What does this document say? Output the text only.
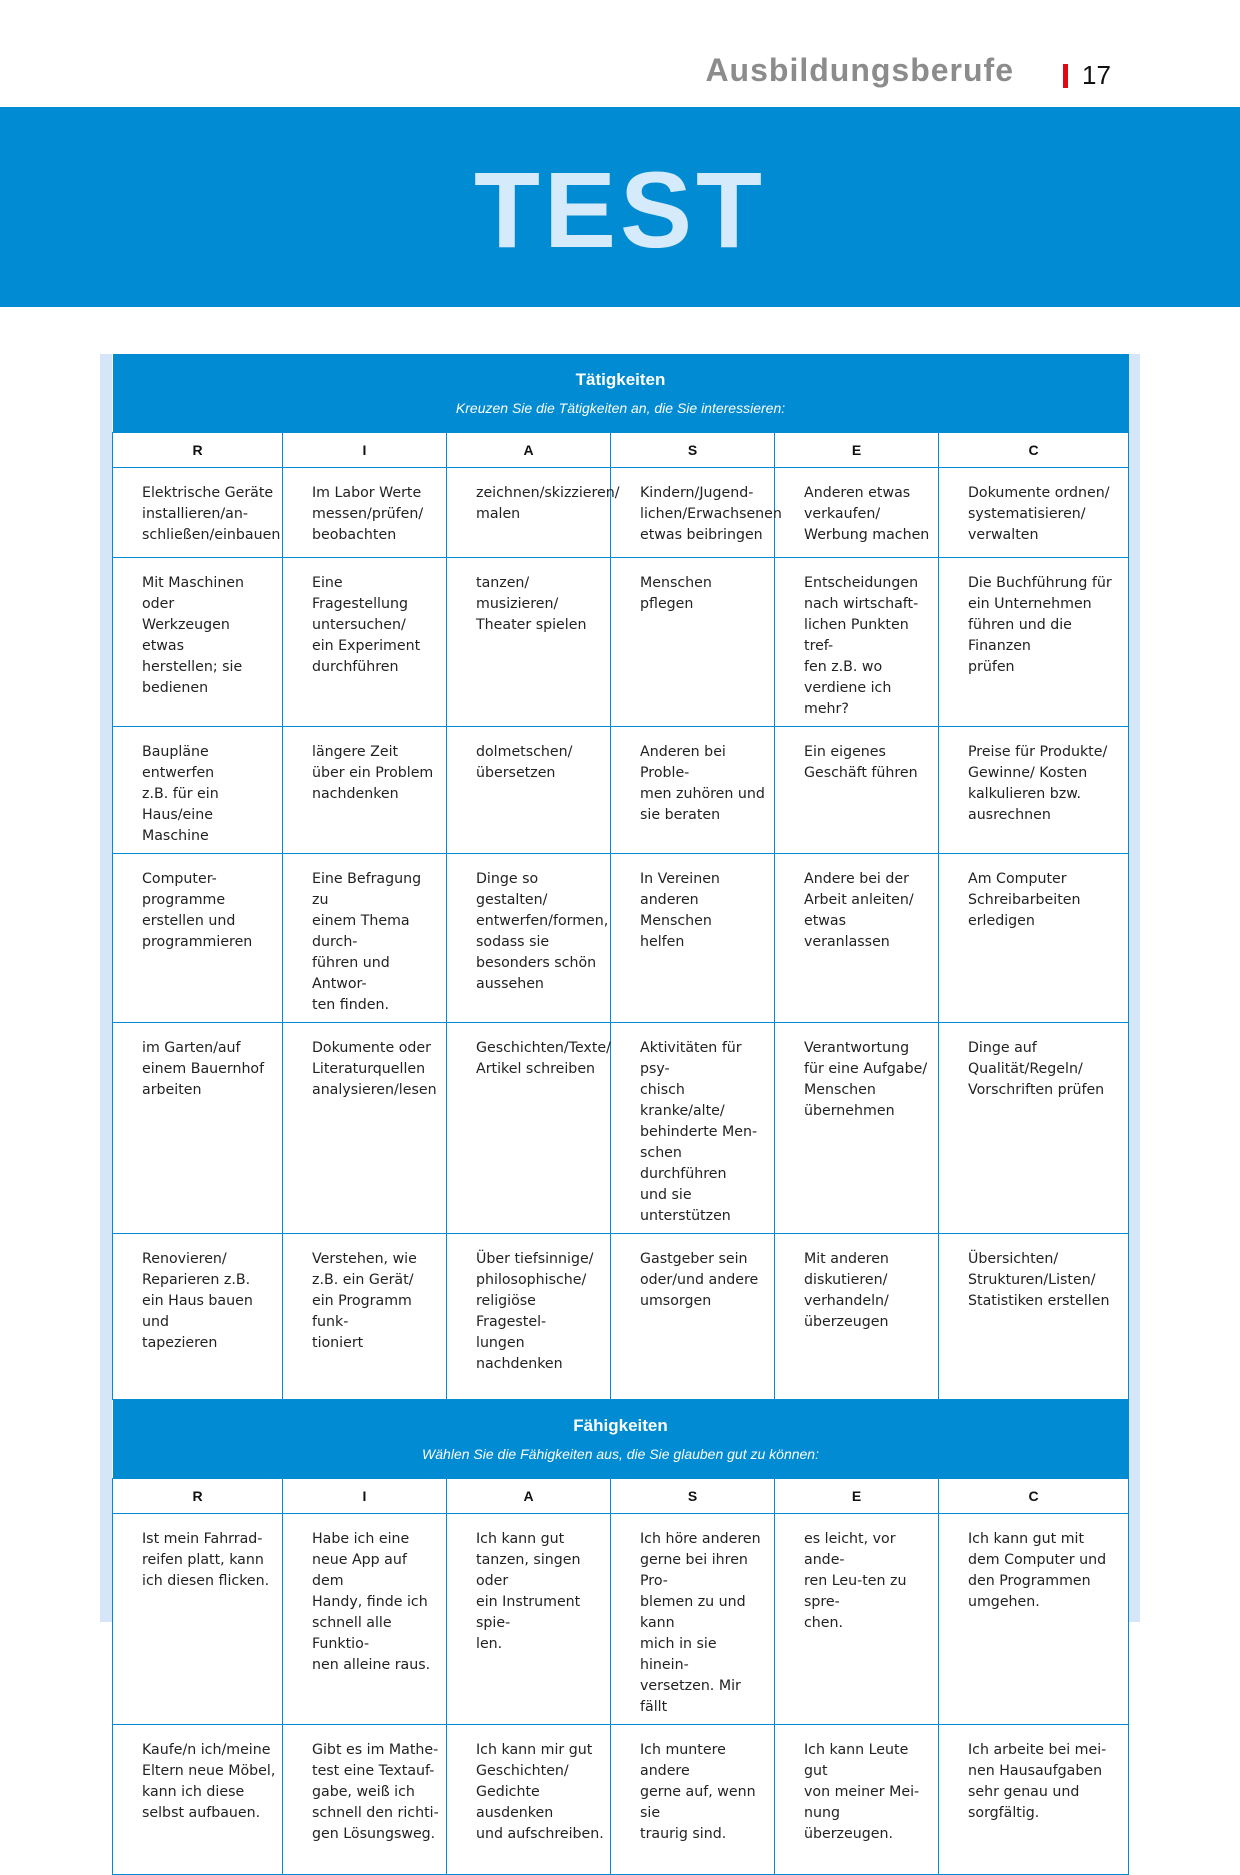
Ausbildungsberufe	17
TEST
Tätigkeiten
Kreuzen Sie die Tätigkeiten an, die Sie interessieren:					

R	I	A	S	E	C
Elektrische Geräte
installieren/an-
schließen/einbauen	Im Labor Werte
messen/prüfen/
beobachten	zeichnen/skizzieren/
malen	Kindern/Jugend-
lichen/Erwachsenen
etwas beibringen	Anderen etwas
verkaufen/
Werbung machen	Dokumente ordnen/
systematisieren/
verwalten
Mit Maschinen oder
Werkzeugen etwas
herstellen; sie
bedienen	Eine Fragestellung
untersuchen/
ein Experiment
durchführen	tanzen/
musizieren/
Theater spielen	Menschen pflegen	Entscheidungen
nach wirtschaft-
lichen Punkten tref-
fen z.B. wo
verdiene ich mehr?	Die Buchführung für
ein Unternehmen
führen und die
Finanzen
prüfen
Baupläne entwerfen
z.B. für ein
Haus/eine Maschine	längere Zeit
über ein Problem
nachdenken	dolmetschen/
übersetzen	Anderen bei Proble-
men zuhören und
sie beraten	Ein eigenes
Geschäft führen	Preise für Produkte/
Gewinne/ Kosten
kalkulieren bzw.
ausrechnen
Computer-
programme
erstellen und
programmieren	Eine Befragung zu
einem Thema durch-
führen und Antwor-
ten finden.	Dinge so gestalten/
entwerfen/formen,
sodass sie
besonders schön
aussehen	In Vereinen
anderen Menschen
helfen	Andere bei der
Arbeit anleiten/
etwas veranlassen	Am Computer
Schreibarbeiten
erledigen
im Garten/auf
einem Bauernhof
arbeiten	Dokumente oder
Literaturquellen
analysieren/lesen	Geschichten/Texte/
Artikel schreiben	Aktivitäten für psy-
chisch kranke/alte/
behinderte Men-
schen durchführen
und sie unterstützen	Verantwortung
für eine Aufgabe/
Menschen
übernehmen	Dinge auf
Qualität/Regeln/
Vorschriften prüfen
Renovieren/
Reparieren z.B.
ein Haus bauen und
tapezieren	Verstehen, wie
z.B. ein Gerät/
ein Programm funk-
tioniert	Über tiefsinnige/
philosophische/
religiöse Fragestel-
lungen nachdenken	Gastgeber sein
oder/und andere
umsorgen	Mit anderen
diskutieren/
verhandeln/
überzeugen	Übersichten/
Strukturen/Listen/
Statistiken erstellen

Fähigkeiten
Wählen Sie die Fähigkeiten aus, die Sie glauben gut zu können:					

R	I	A	S	E	C
Ist mein Fahrrad-
reifen platt, kann
ich diesen flicken.	Habe ich eine
neue App auf dem
Handy, finde ich
schnell alle Funktio-
nen alleine raus.	Ich kann gut
tanzen, singen oder
ein Instrument spie-
len.	Ich höre anderen
gerne bei ihren Pro-
blemen zu und kann
mich in sie hinein-
versetzen. Mir fällt	es leicht, vor ande-
ren Leu-ten zu spre-
chen.	Ich kann gut mit
dem Computer und
den Programmen
umgehen.
Kaufe/n ich/meine
Eltern neue Möbel,
kann ich diese
selbst aufbauen.	Gibt es im Mathe-
test eine Textauf-
gabe, weiß ich
schnell den richti-
gen Lösungsweg.	Ich kann mir gut
Geschichten/
Gedichte ausdenken
und aufschreiben.	Ich muntere andere
gerne auf, wenn sie
traurig sind.	Ich kann Leute gut
von meiner Mei-
nung überzeugen.	Ich arbeite bei mei-
nen Hausaufgaben
sehr genau und
sorgfältig.
